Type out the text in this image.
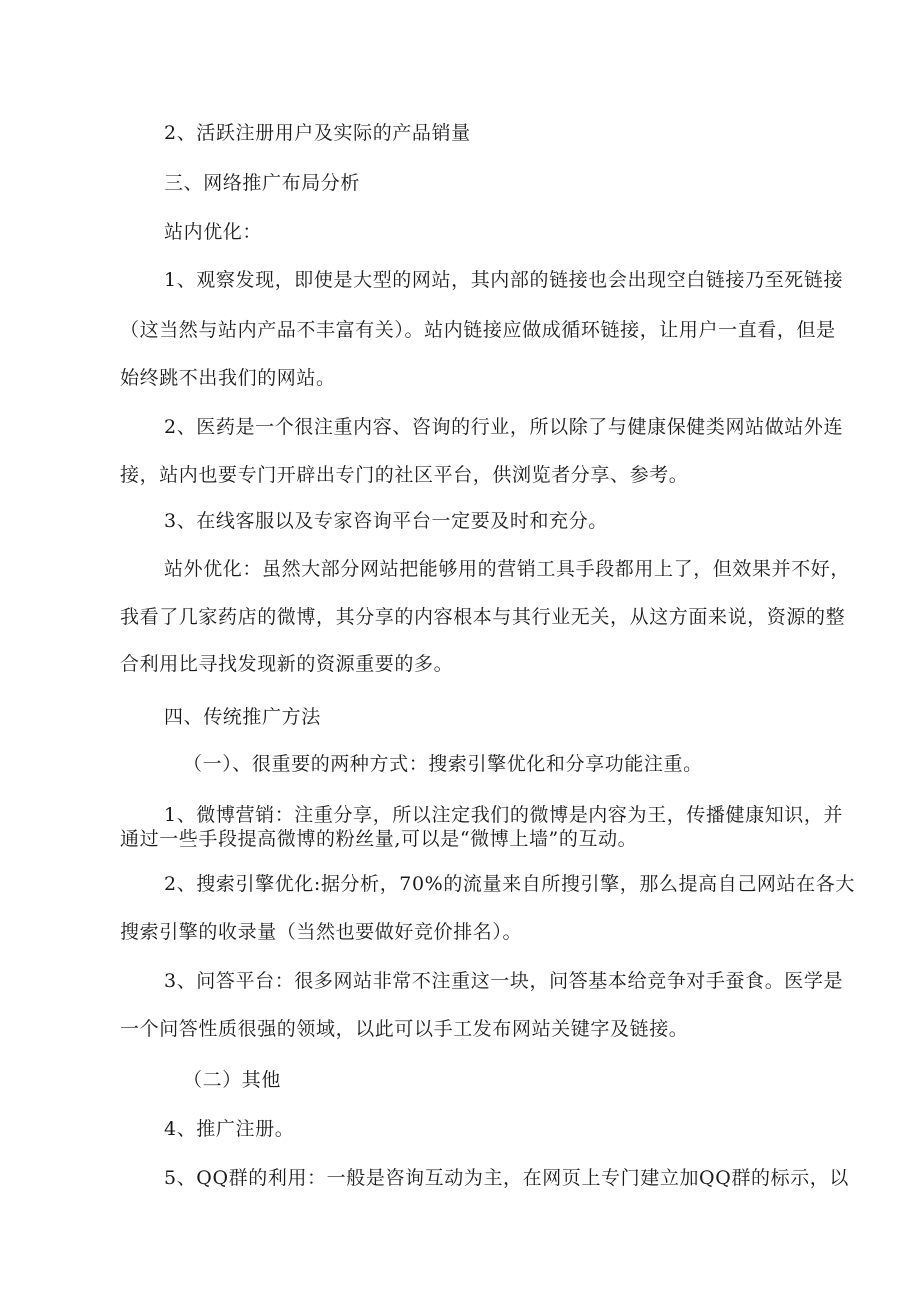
2、活跃注册用户及实际的产品销量
三、网络推广布局分析
站内优化：
1、观察发现，即使是大型的网站，其内部的链接也会出现空白链接乃至死链接
（这当然与站内产品不丰富有关）。站内链接应做成循环链接，让用户一直看，但是
始终跳不出我们的网站。
2、医药是一个很注重内容、咨询的行业，所以除了与健康保健类网站做站外连
接，站内也要专门开辟出专门的社区平台，供浏览者分享、参考。
3、在线客服以及专家咨询平台一定要及时和充分。
站外优化：虽然大部分网站把能够用的营销工具手段都用上了，但效果并不好，
我看了几家药店的微博，其分享的内容根本与其行业无关，从这方面来说，资源的整
合利用比寻找发现新的资源重要的多。
四、传统推广方法
（一）、很重要的两种方式：搜索引擎优化和分享功能注重。
1、微博营销：注重分享，所以注定我们的微博是内容为王，传播健康知识，并
通过一些手段提高微博的粉丝量,可以是“微博上墙”的互动。
2、搜索引擎优化:据分析，70%的流量来自所搜引擎，那么提高自己网站在各大
搜索引擎的收录量（当然也要做好竞价排名）。
3、问答平台：很多网站非常不注重这一块，问答基本给竞争对手蚕食。医学是
一个问答性质很强的领域，以此可以手工发布网站关键字及链接。
（二）其他
4、推广注册。
5、QQ群的利用：一般是咨询互动为主，在网页上专门建立加QQ群的标示，以
